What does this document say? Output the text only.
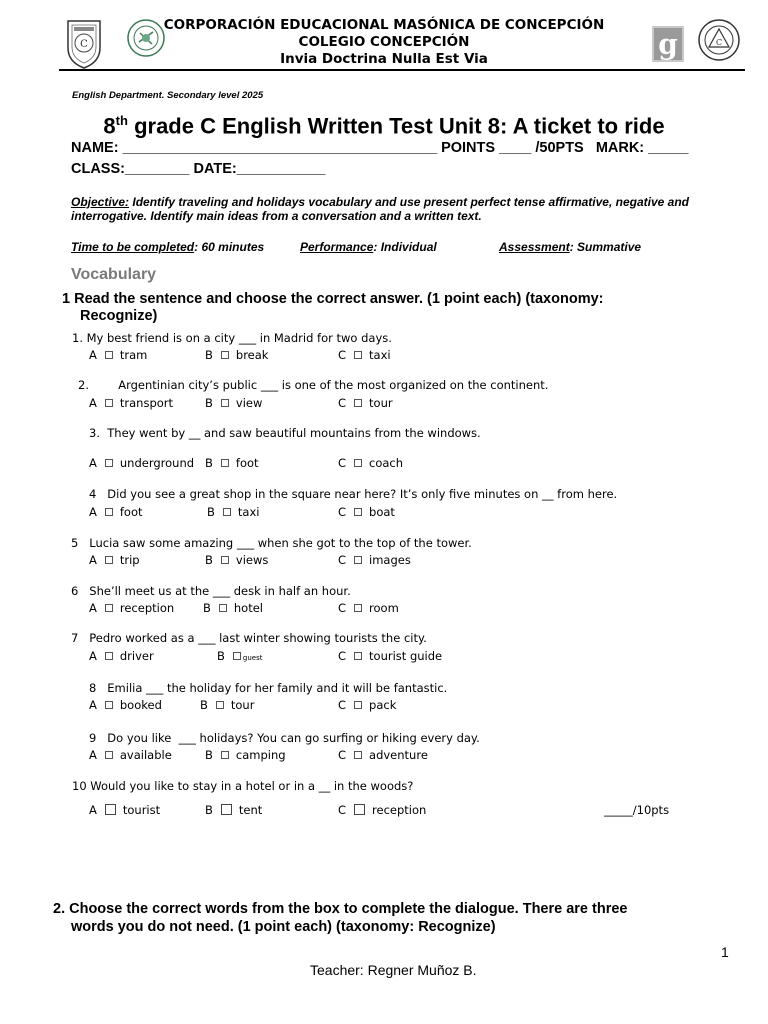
C	g	C
CORPORACIÓN EDUCACIONAL MASÓNICA DE CONCEPCIÓN
COLEGIO CONCEPCIÓN
Invia Doctrina Nulla Est Via
English Department. Secondary level 2025
8th grade C English Written Test Unit 8: A ticket to ride
NAME: _______________________________________ POINTS ____ /50PTS   MARK: _____
CLASS:________ DATE:___________
Objective: Identify traveling and holidays vocabulary and use present perfect tense affirmative, negative and interrogative. Identify main ideas from a conversation and a written text.
Time to be completed: 60 minutes	Performance: Individual	Assessment: Summative
Vocabulary
1 Read the sentence and choose the correct answer. (1 point each) (taxonomy:
Recognize)
1. My best friend is on a city ___ in Madrid for two days.
A tram	B break	C taxi
2.        Argentinian city’s public ___ is one of the most organized on the continent.
A transport	B view	C tour
3.  They went by __ and saw beautiful mountains from the windows.
A underground B foot	C coach
4   Did you see a great shop in the square near here? It’s only five minutes on __ from here.
A foot	B taxi	C boat
5   Lucia saw some amazing ___ when she got to the top of the tower.
A trip	B views	C images
6   She’ll meet us at the ___ desk in half an hour.
A reception	B hotel	C room
7   Pedro worked as a ___ last winter showing tourists the city.
A driver	B	guest	C tourist guide
8   Emilia ___ the holiday for her family and it will be fantastic.
A booked	B tour	C pack
9   Do you like  ___ holidays? You can go surfing or hiking every day.
A available	B camping	C adventure
10 Would you like to stay in a hotel or in a __ in the woods?
A tourist	B tent	C reception	_____/10pts
2. Choose the correct words from the box to complete the dialogue. There are three
words you do not need. (1 point each) (taxonomy: Recognize)
1
Teacher: Regner Muñoz B.
